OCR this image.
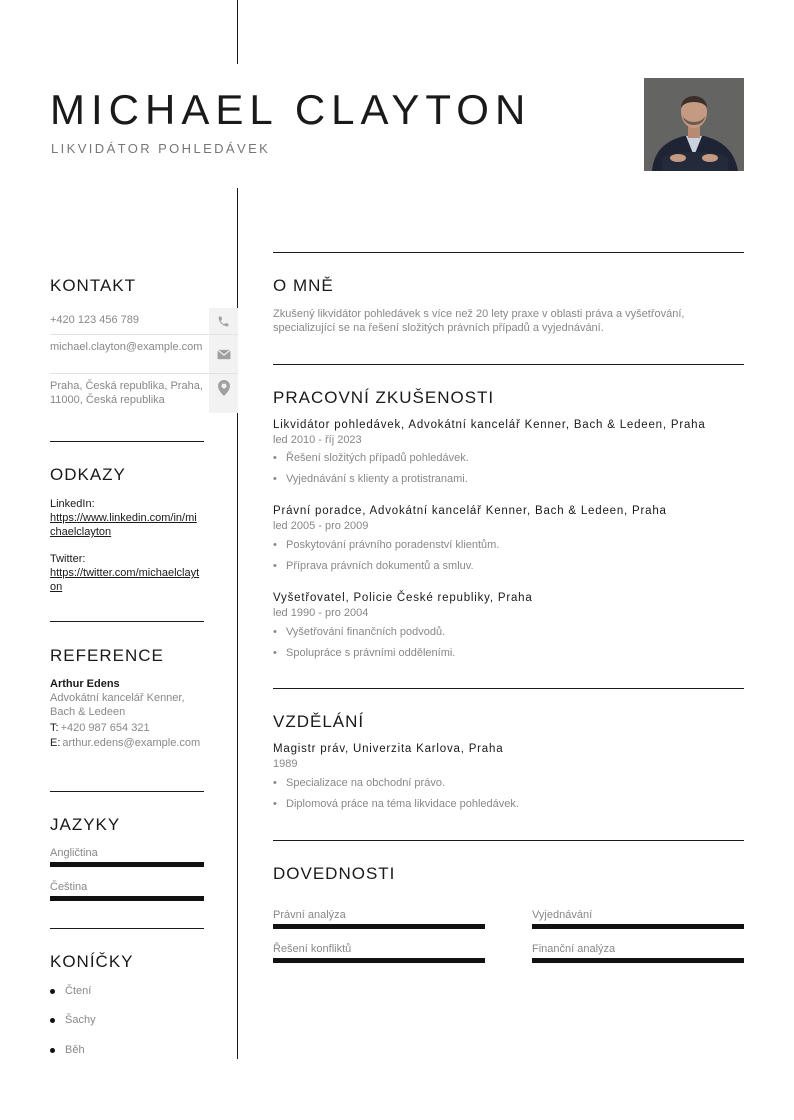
MICHAEL CLAYTON
LIKVIDÁTOR POHLEDÁVEK
KONTAKT
+420 123 456 789
michael.clayton@example.com
Praha, Česká republika, Praha, 11000, Česká republika
ODKAZY
LinkedIn:
https://www.linkedin.com/in/michaelclayton
Twitter:
https://twitter.com/michaelclayton
REFERENCE
Arthur Edens
Advokátní kancelář Kenner, Bach & Ledeen
T: +420 987 654 321
E: arthur.edens@example.com
JAZYKY
Angličtina
Čeština
KONÍČKY
Čtení
Šachy
Běh
O MNĚ
Zkušený likvidátor pohledávek s více než 20 lety praxe v oblasti práva a vyšetřování, specializující se na řešení složitých právních případů a vyjednávání.
PRACOVNÍ ZKUŠENOSTI
Likvidátor pohledávek, Advokátní kancelář Kenner, Bach & Ledeen, Praha
led 2010 - říj 2023
• Řešení složitých případů pohledávek.
• Vyjednávání s klienty a protistranami.
Právní poradce, Advokátní kancelář Kenner, Bach & Ledeen, Praha
led 2005 - pro 2009
• Poskytování právního poradenství klientům.
• Příprava právních dokumentů a smluv.
Vyšetřovatel, Policie České republiky, Praha
led 1990 - pro 2004
• Vyšetřování finančních podvodů.
• Spolupráce s právními odděleními.
VZDĚLÁNÍ
Magistr práv, Univerzita Karlova, Praha
1989
• Specializace na obchodní právo.
• Diplomová práce na téma likvidace pohledávek.
DOVEDNOSTI
Právní analýza	Vyjednávání
Řešení konfliktů	Finanční analýza
